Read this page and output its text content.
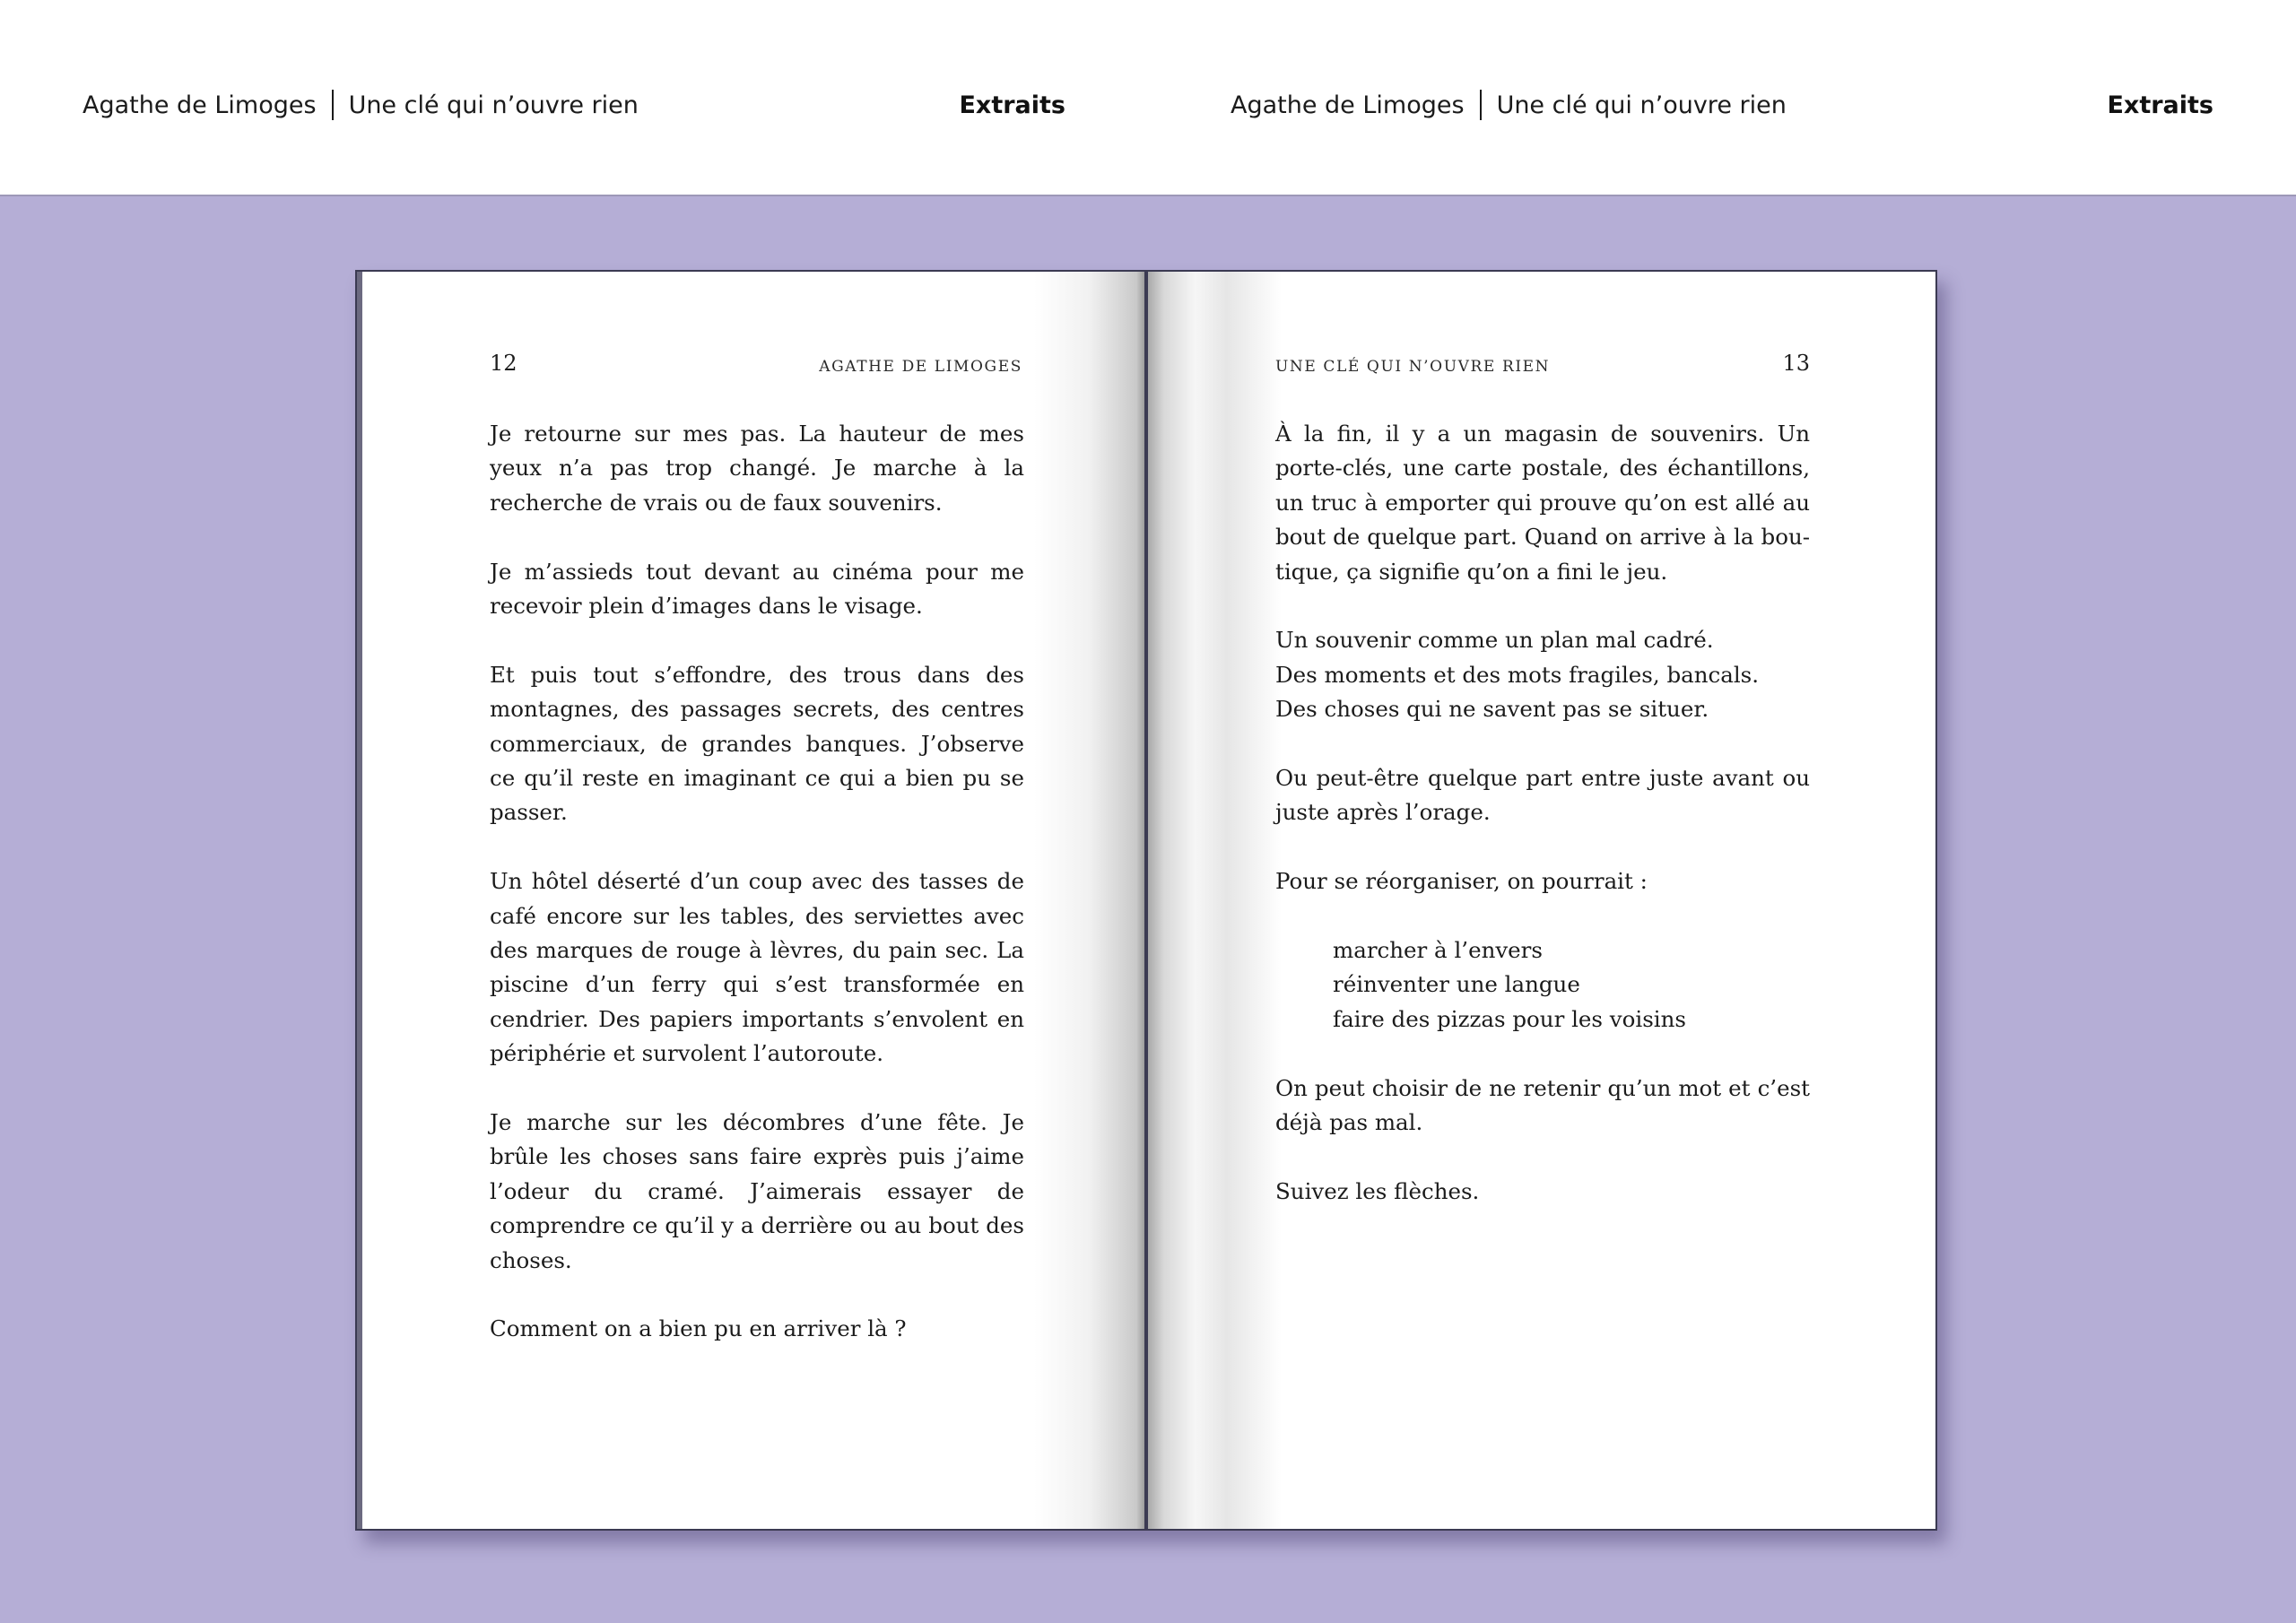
Agathe de Limoges Une clé qui n’ouvre rien	Extraits	Agathe de Limoges Une clé qui n’ouvre rien	Extraits
12	AGATHE DE LIMOGES

Je retourne sur mes pas. La hauteur de mes yeux n’a pas trop changé. Je marche à la recherche de vrais ou de faux souvenirs.

Je m’assieds tout devant au cinéma pour me recevoir plein d’images dans le visage.

Et puis tout s’effondre, des trous dans des montagnes, des passages secrets, des centres commerciaux, de grandes banques. J’observe ce qu’il reste en imaginant ce qui a bien pu se passer.

Un hôtel déserté d’un coup avec des tasses de café encore sur les tables, des serviettes avec des marques de rouge à lèvres, du pain sec. La piscine d’un ferry qui s’est transformée en cendrier. Des papiers importants s’envolent en périphérie et survolent l’autoroute.

Je marche sur les décombres d’une fête. Je brûle les choses sans faire exprès puis j’aime l’odeur du cramé. J’aimerais essayer de comprendre ce qu’il y a derrière ou au bout des choses.

Comment on a bien pu en arriver là ?

UNE CLÉ QUI N’OUVRE RIEN	13

À la fin, il y a un magasin de souvenirs. Un porte-clés, une carte postale, des échantillons, un truc à emporter qui prouve qu’on est allé au bout de quelque part. Quand on arrive à la boutique, ça signifie qu’on a fini le jeu.

Un souvenir comme un plan mal cadré.
Des moments et des mots fragiles, bancals.
Des choses qui ne savent pas se situer.

Ou peut-être quelque part entre juste avant ou juste après l’orage.

Pour se réorganiser, on pourrait :

marcher à l’envers
réinventer une langue
faire des pizzas pour les voisins

On peut choisir de ne retenir qu’un mot et c’est déjà pas mal.

Suivez les flèches.
